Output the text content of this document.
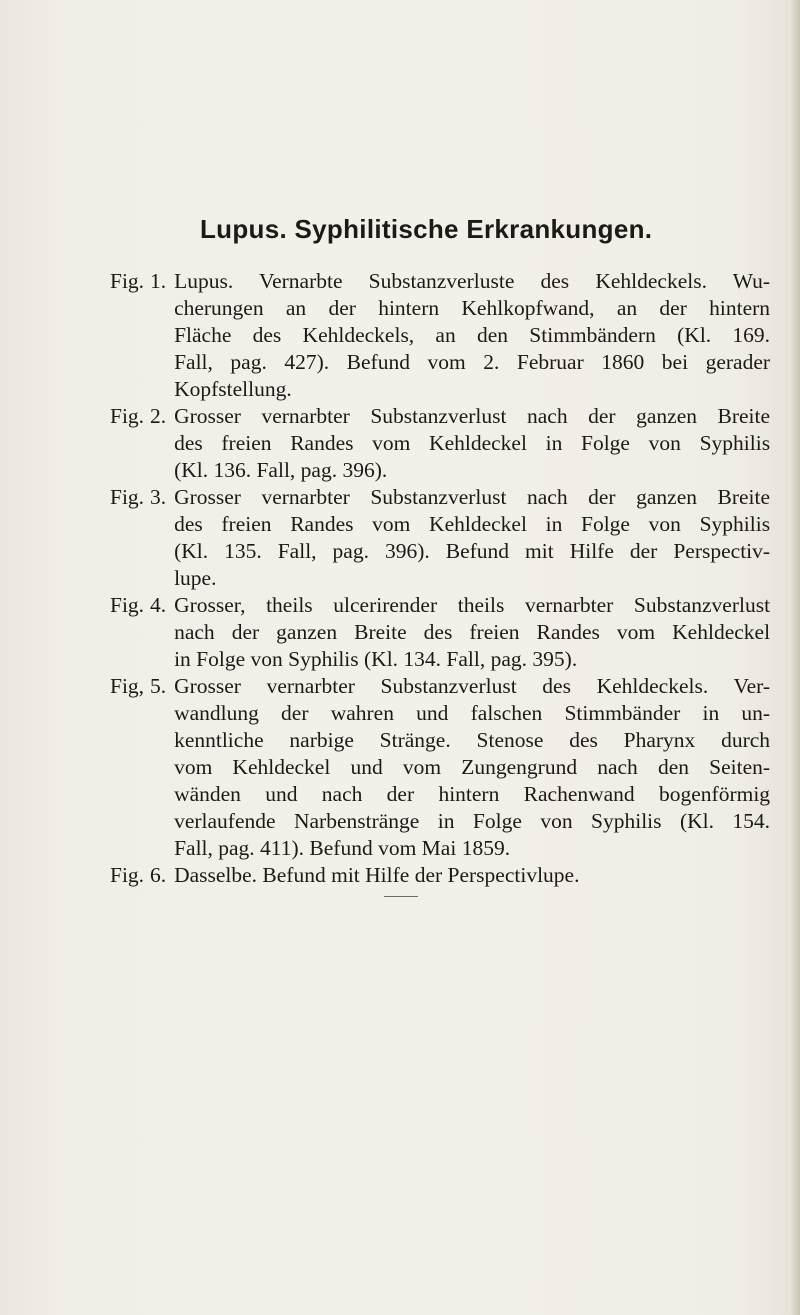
Lupus. Syphilitische Erkrankungen.
Fig. 1. Lupus. Vernarbte Substanzverluste des Kehldeckels. Wu-
cherungen an der hintern Kehlkopfwand, an der hintern
Fläche des Kehldeckels, an den Stimmbändern (Kl. 169.
Fall, pag. 427). Befund vom 2. Februar 1860 bei gerader
Kopfstellung.
Fig. 2. Grosser vernarbter Substanzverlust nach der ganzen Breite
des freien Randes vom Kehldeckel in Folge von Syphilis
(Kl. 136. Fall, pag. 396).
Fig. 3. Grosser vernarbter Substanzverlust nach der ganzen Breite
des freien Randes vom Kehldeckel in Folge von Syphilis
(Kl. 135. Fall, pag. 396). Befund mit Hilfe der Perspectiv-
lupe.
Fig. 4. Grosser, theils ulcerirender theils vernarbter Substanzverlust
nach der ganzen Breite des freien Randes vom Kehldeckel
in Folge von Syphilis (Kl. 134. Fall, pag. 395).
Fig, 5. Grosser vernarbter Substanzverlust des Kehldeckels. Ver-
wandlung der wahren und falschen Stimmbänder in un-
kenntliche narbige Stränge. Stenose des Pharynx durch
vom Kehldeckel und vom Zungengrund nach den Seiten-
wänden und nach der hintern Rachenwand bogenförmig
verlaufende Narbenstränge in Folge von Syphilis (Kl. 154.
Fall, pag. 411). Befund vom Mai 1859.
Fig. 6. Dasselbe. Befund mit Hilfe der Perspectivlupe.
